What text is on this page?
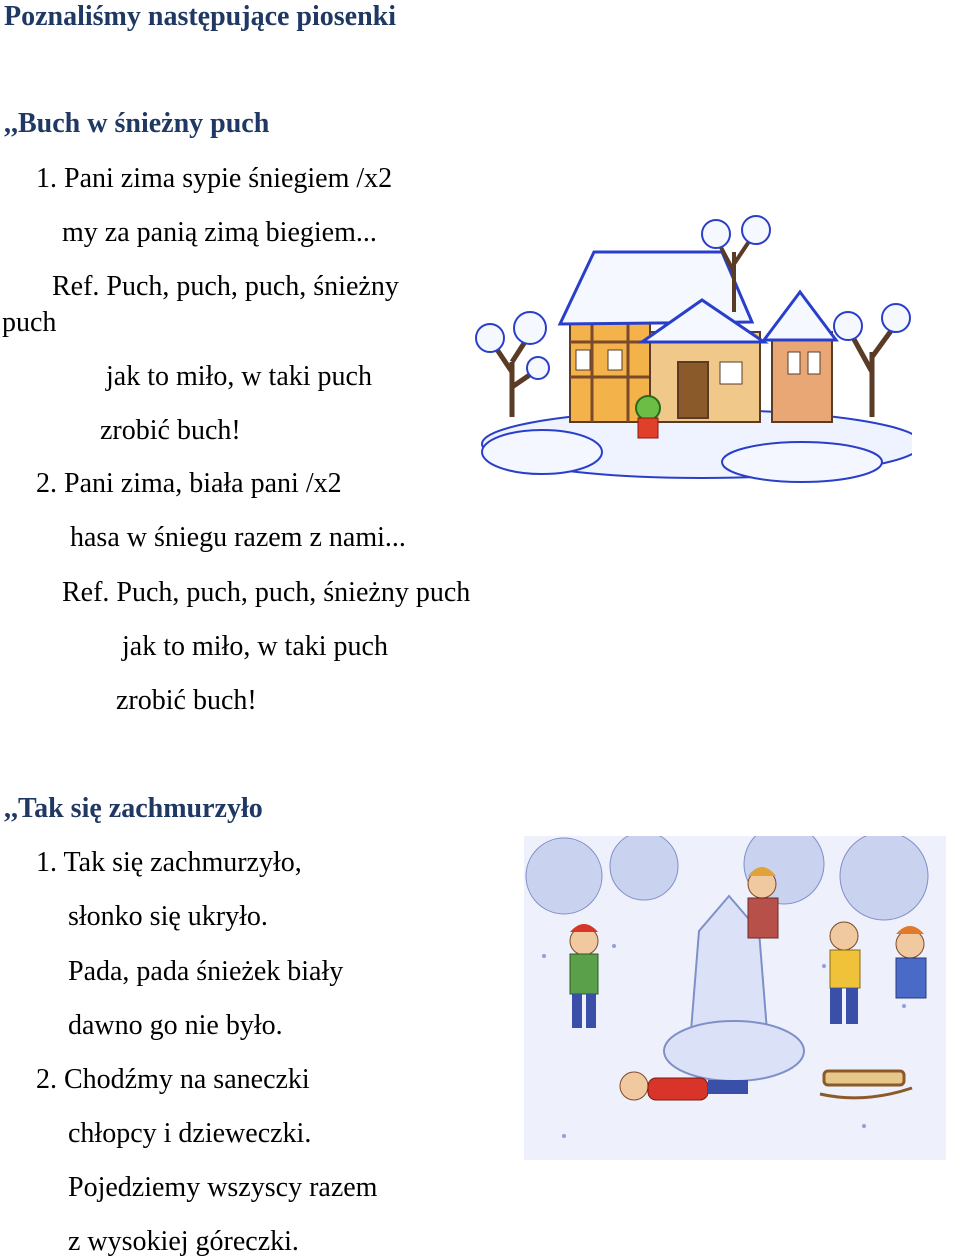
Poznaliśmy następujące piosenki
,,Buch w śnieżny puch
1. Pani zima sypie śniegiem /x2
my za panią zimą biegiem...
Ref. Puch, puch, puch, śnieżny
puch
jak to miło, w taki puch
zrobić buch!
2. Pani zima, biała pani /x2
hasa w śniegu razem z nami...
Ref. Puch, puch, puch, śnieżny puch
jak to miło, w taki puch
zrobić buch!
,,Tak się zachmurzyło
1. Tak się zachmurzyło,
słonko się ukryło.
Pada, pada śnieżek biały
dawno go nie było.
2. Chodźmy na saneczki
chłopcy i dzieweczki.
Pojedziemy wszyscy razem
z wysokiej góreczki.
